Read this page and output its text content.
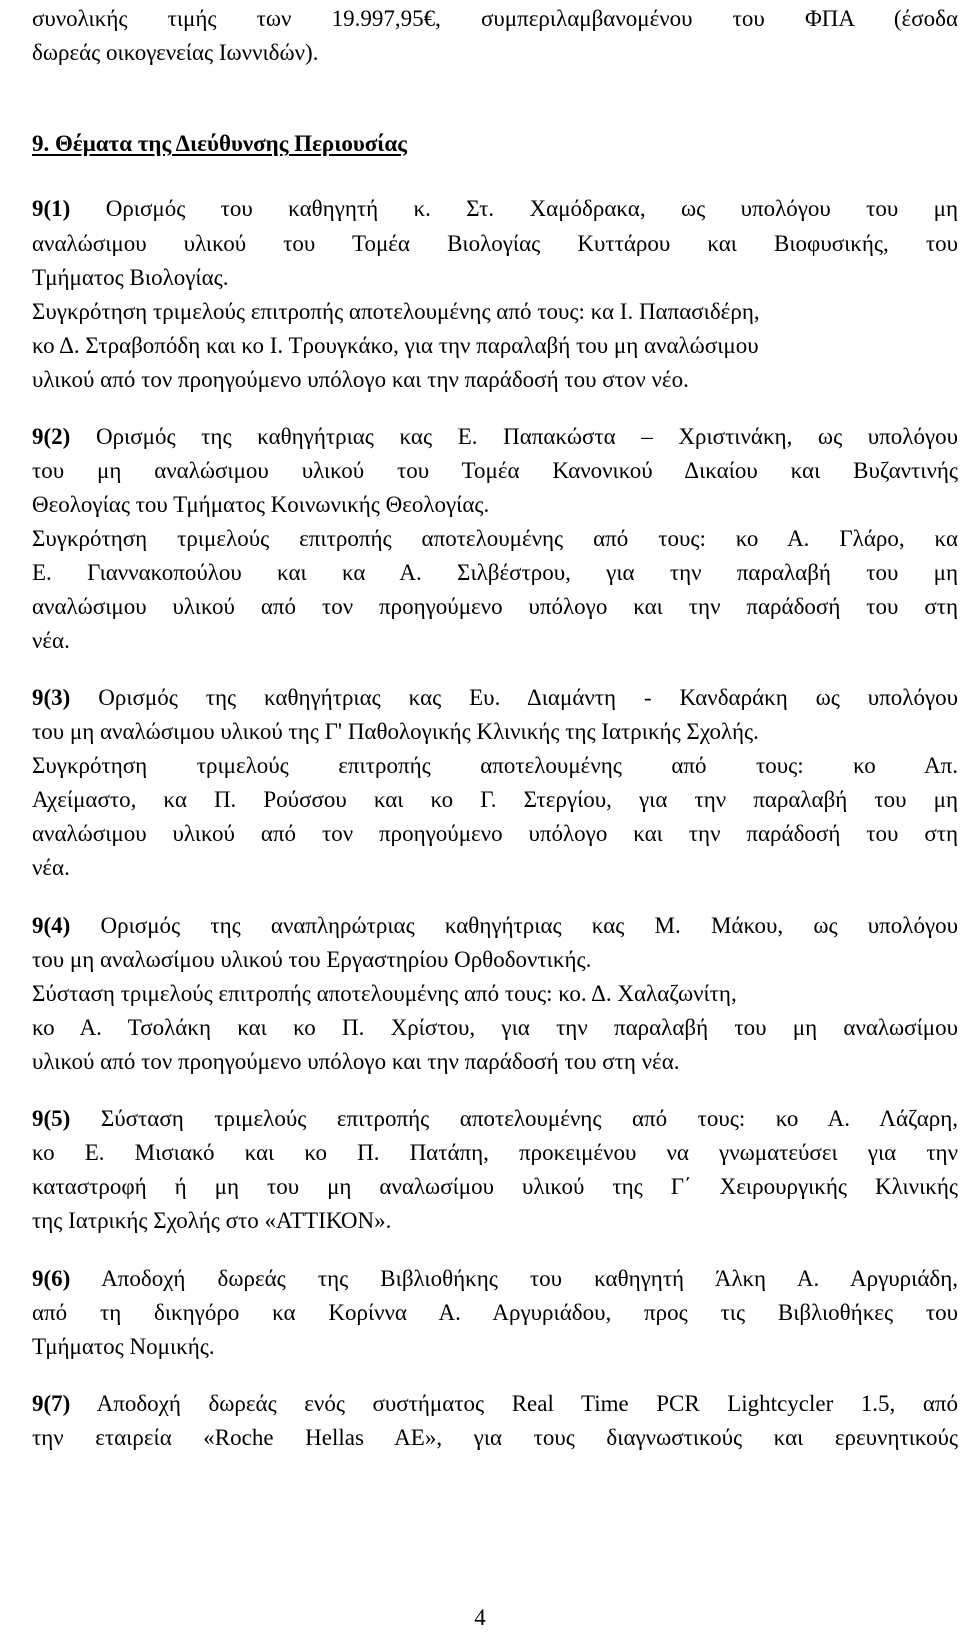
συνολικής τιμής των 19.997,95€, συμπεριλαμβανομένου του ΦΠΑ (έσοδα
δωρεάς οικογενείας Ιωννιδών).
9. Θέματα της Διεύθυνσης Περιουσίας
9(1) Ορισμός του καθηγητή κ. Στ. Χαμόδρακα, ως υπολόγου του μη
αναλώσιμου υλικού του Τομέα Βιολογίας Κυττάρου και Βιοφυσικής, του
Τμήματος Βιολογίας.
Συγκρότηση τριμελούς επιτροπής αποτελουμένης από τους: κα Ι. Παπασιδέρη,
κο Δ. Στραβοπόδη και κο Ι. Τρουγκάκο, για την παραλαβή του μη αναλώσιμου
υλικού από τον προηγούμενο υπόλογο και την παράδοσή του στον νέο.
9(2) Ορισμός της καθηγήτριας κας Ε. Παπακώστα – Χριστινάκη, ως υπολόγου
του μη αναλώσιμου υλικού του Τομέα Κανονικού Δικαίου και Βυζαντινής
Θεολογίας του Τμήματος Κοινωνικής Θεολογίας.
Συγκρότηση τριμελούς επιτροπής αποτελουμένης από τους: κο Α. Γλάρο, κα
Ε. Γιαννακοπούλου και κα Α. Σιλβέστρου, για την παραλαβή του μη
αναλώσιμου υλικού από τον προηγούμενο υπόλογο και την παράδοσή του στη
νέα.
9(3) Ορισμός της καθηγήτριας κας Ευ. Διαμάντη - Κανδαράκη ως υπολόγου
του μη αναλώσιμου υλικού της Γ' Παθολογικής Κλινικής της Ιατρικής Σχολής.
Συγκρότηση τριμελούς επιτροπής αποτελουμένης από τους: κο Απ.
Αχείμαστο, κα Π. Ρούσσου και κο Γ. Στεργίου, για την παραλαβή του μη
αναλώσιμου υλικού από τον προηγούμενο υπόλογο και την παράδοσή του στη
νέα.
9(4) Ορισμός της αναπληρώτριας καθηγήτριας κας Μ. Μάκου, ως υπολόγου
του μη αναλωσίμου υλικού του Εργαστηρίου Ορθοδοντικής.
Σύσταση τριμελούς επιτροπής αποτελουμένης από τους: κο. Δ. Χαλαζωνίτη,
κο Α. Τσολάκη και κο Π. Χρίστου, για την παραλαβή του μη αναλωσίμου
υλικού από τον προηγούμενο υπόλογο και την παράδοσή του στη νέα.
9(5) Σύσταση τριμελούς επιτροπής αποτελουμένης από τους: κο Α. Λάζαρη,
κο Ε. Μισιακό και κο Π. Πατάπη, προκειμένου να γνωματεύσει για την
καταστροφή ή μη του μη αναλωσίμου υλικού της Γ΄ Χειρουργικής Κλινικής
της Ιατρικής Σχολής στο «ΑΤΤΙΚΟΝ».
9(6) Αποδοχή δωρεάς της Βιβλιοθήκης του καθηγητή Άλκη Α. Αργυριάδη,
από τη δικηγόρο κα Κορίννα Α. Αργυριάδου, προς τις Βιβλιοθήκες του
Τμήματος Νομικής.
9(7) Αποδοχή δωρεάς ενός συστήματος Real Time PCR Lightcycler 1.5, από
την εταιρεία «Roche Hellas AE», για τους διαγνωστικούς και ερευνητικούς
4
